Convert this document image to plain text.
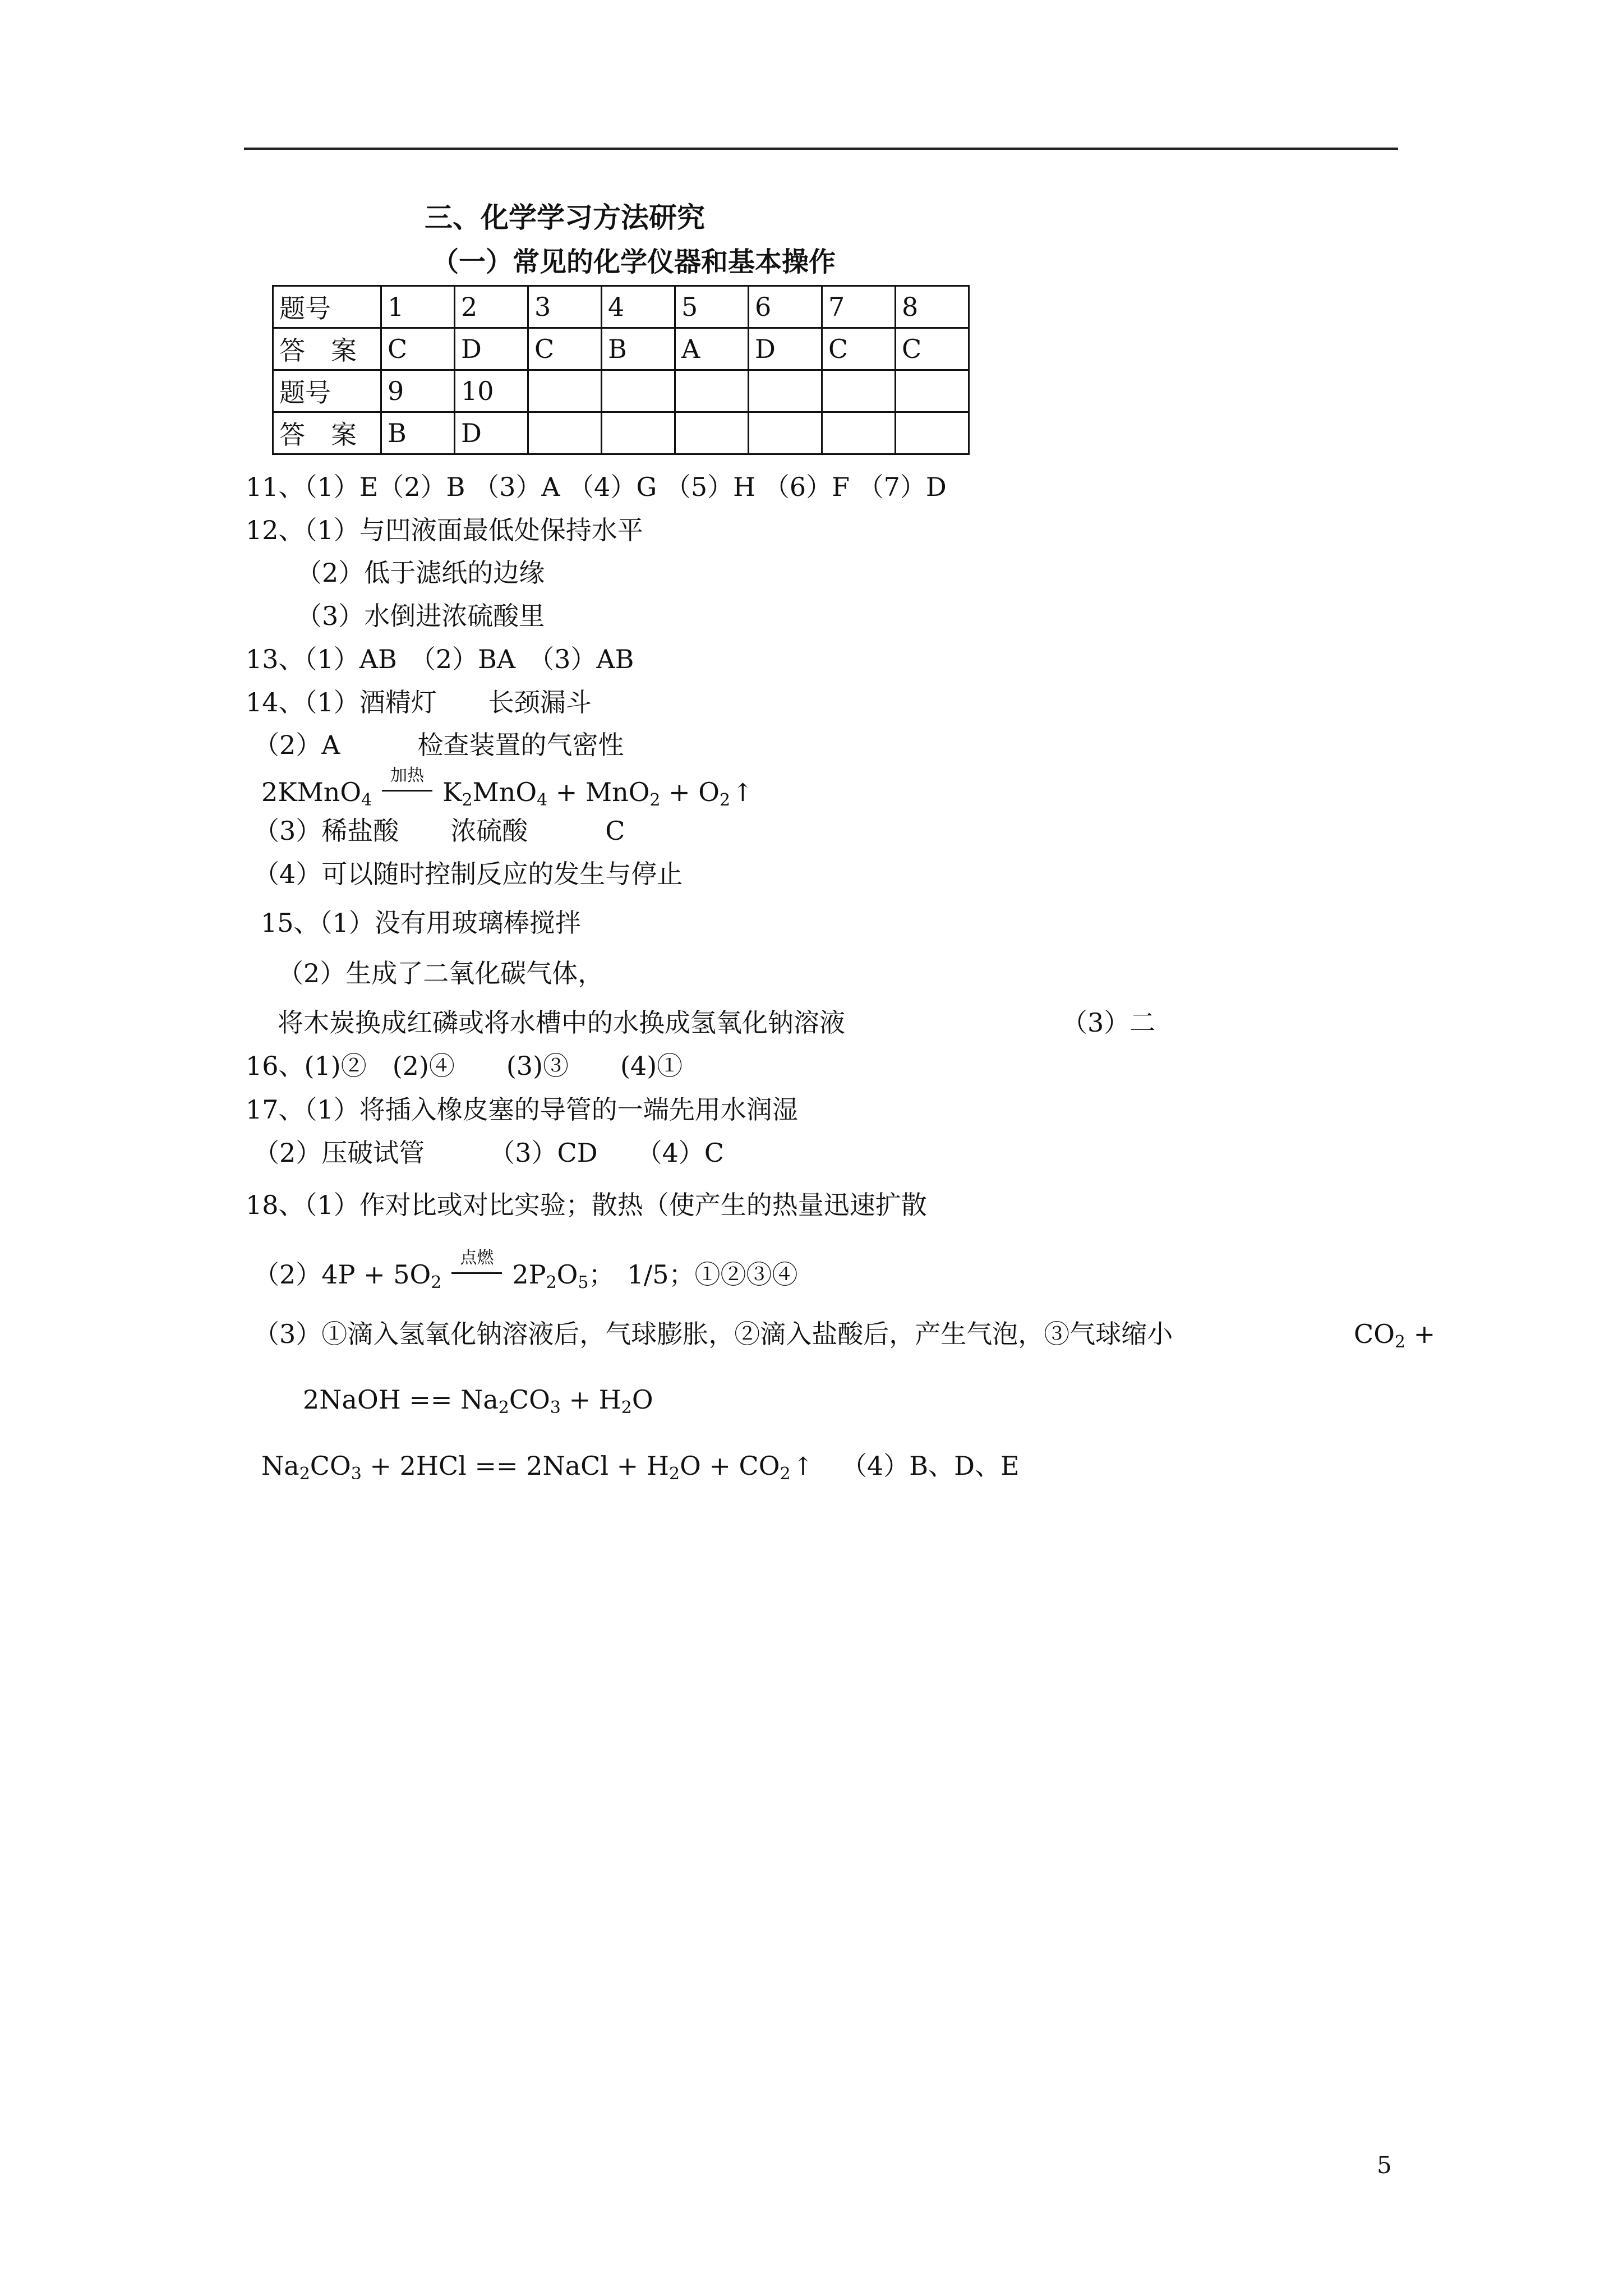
三、化学学习方法研究
（一）常见的化学仪器和基本操作
题号	1	2	3	4	5	6	7	8
答　案	C	D	C	B	A	D	C	C
题号	9	10						
答　案	B	D						
11、（1）E（2）B （3）A （4）G （5）H （6）F （7）D
12、（1）与凹液面最低处保持水平
（2）低于滤纸的边缘
（3）水倒进浓硫酸里
13、（1）AB　（2）BA　（3）AB
14、（1）酒精灯　　长颈漏斗
（2）A　　　检查装置的气密性
2KMnO$_4$
加热
$K_2MnO_4 + MnO_2$ + $O_2↑$
（3）稀盐酸　　浓硫酸　　　C
（4）可以随时控制反应的发生与停止
15、（1）没有用玻璃棒搅拌
（2）生成了二氧化碳气体，
将木炭换成红磷或将水槽中的水换成氢氧化钠溶液	（3）二
16、(1)②　(2)④　　(3)③　　(4)①
17、（1）将插入橡皮塞的导管的一端先用水润湿
（2）压破试管　　　（3）CD　　（4）C
18、（1）作对比或对比实验；散热（使产生的热量迅速扩散
$(2)4P + 5O_2$
点燃
$2P_2O_5$；　1/5；①②③④
（3）①滴入氢氧化钠溶液后，气球膨胀，②滴入盐酸后，产生气泡，③气球缩小	$CO_2$ +
2NaOH == $Na_2CO_3 + H_2O$
$Na_2CO_3 + 2HCl$ == 2NaCl + $H_2O$ + $CO_2↑$ （4）B、D、E
5
